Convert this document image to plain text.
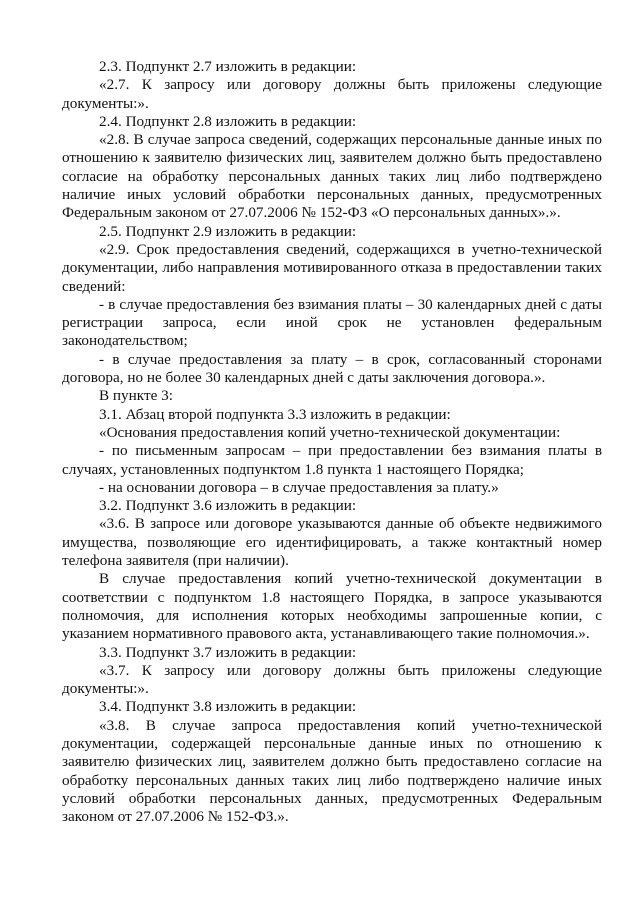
2.3. Подпункт 2.7 изложить в редакции:

«2.7. К запросу или договору должны быть приложены следующие документы:».

2.4. Подпункт 2.8 изложить в редакции:

«2.8. В случае запроса сведений, содержащих персональные данные иных по отношению к заявителю физических лиц, заявителем должно быть предоставлено согласие на обработку персональных данных таких лиц либо подтверждено наличие иных условий обработки персональных данных, предусмотренных Федеральным законом от 27.07.2006 № 152-ФЗ «О персональных данных».».

2.5. Подпункт 2.9 изложить в редакции:

«2.9. Срок предоставления сведений, содержащихся в учетно-технической документации, либо направления мотивированного отказа в предоставлении таких сведений:

- в случае предоставления без взимания платы – 30 календарных дней с даты регистрации запроса, если иной срок не установлен федеральным законодательством;

- в случае предоставления за плату – в срок, согласованный сторонами договора, но не более 30 календарных дней с даты заключения договора.».

В пункте 3:

3.1. Абзац второй подпункта 3.3 изложить в редакции:

«Основания предоставления копий учетно-технической документации:

- по письменным запросам – при предоставлении без взимания платы в случаях, установленных подпунктом 1.8 пункта 1 настоящего Порядка;

- на основании договора – в случае предоставления за плату.»

3.2. Подпункт 3.6 изложить в редакции:

«3.6. В запросе или договоре указываются данные об объекте недвижимого имущества, позволяющие его идентифицировать, а также контактный номер телефона заявителя (при наличии).

В случае предоставления копий учетно-технической документации в соответствии с подпунктом 1.8 настоящего Порядка, в запросе указываются полномочия, для исполнения которых необходимы запрошенные копии, с указанием нормативного правового акта, устанавливающего такие полномочия.».

3.3. Подпункт 3.7 изложить в редакции:

«3.7. К запросу или договору должны быть приложены следующие документы:».

3.4. Подпункт 3.8 изложить в редакции:

«3.8. В случае запроса предоставления копий учетно-технической документации, содержащей персональные данные иных по отношению к заявителю физических лиц, заявителем должно быть предоставлено согласие на обработку персональных данных таких лиц либо подтверждено наличие иных условий обработки персональных данных, предусмотренных Федеральным законом от 27.07.2006 № 152-ФЗ.».
